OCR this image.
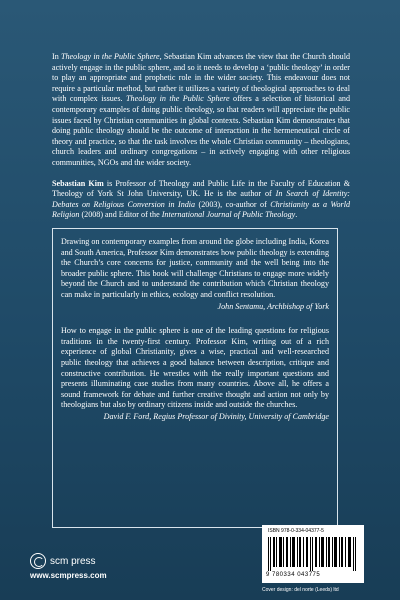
In Theology in the Public Sphere, Sebastian Kim advances the view that the Church should actively engage in the public sphere, and so it needs to develop a ‘public theology’ in order to play an appropriate and prophetic role in the wider society. This endeavour does not require a particular method, but rather it utilizes a variety of theological approaches to deal with complex issues. Theology in the Public Sphere offers a selection of historical and contemporary examples of doing public theology, so that readers will appreciate the public issues faced by Christian communities in global contexts. Sebastian Kim demonstrates that doing public theology should be the outcome of interaction in the hermeneutical circle of theory and practice, so that the task involves the whole Christian community – theologians, church leaders and ordinary congregations – in actively engaging with other religious communities, NGOs and the wider society.

Sebastian Kim is Professor of Theology and Public Life in the Faculty of Education & Theology of York St John University, UK. He is the author of In Search of Identity: Debates on Religious Conversion in India (2003), co-author of Christianity as a World Religion (2008) and Editor of the International Journal of Public Theology.

Drawing on contemporary examples from around the globe including India, Korea and South America, Professor Kim demonstrates how public theology is extending the Church’s core concerns for justice, community and the well being into the broader public sphere. This book will challenge Christians to engage more widely beyond the Church and to understand the contribution which Christian theology can make in particularly in ethics, ecology and conflict resolution.

John Sentamu, Archbishop of York

How to engage in the public sphere is one of the leading questions for religious traditions in the twenty-first century. Professor Kim, writing out of a rich experience of global Christianity, gives a wise, practical and well-researched public theology that achieves a good balance between description, critique and constructive contribution. He wrestles with the really important questions and presents illuminating case studies from many countries. Above all, he offers a sound framework for debate and further creative thought and action not only by theologians but also by ordinary citizens inside and outside the churches.

David F. Ford, Regius Professor of Divinity, University of Cambridge

scm press
www.scmpress.com
ISBN 978-0-334-04377-5
9 780334 043775
Cover design: del norte (Leeds) ltd
